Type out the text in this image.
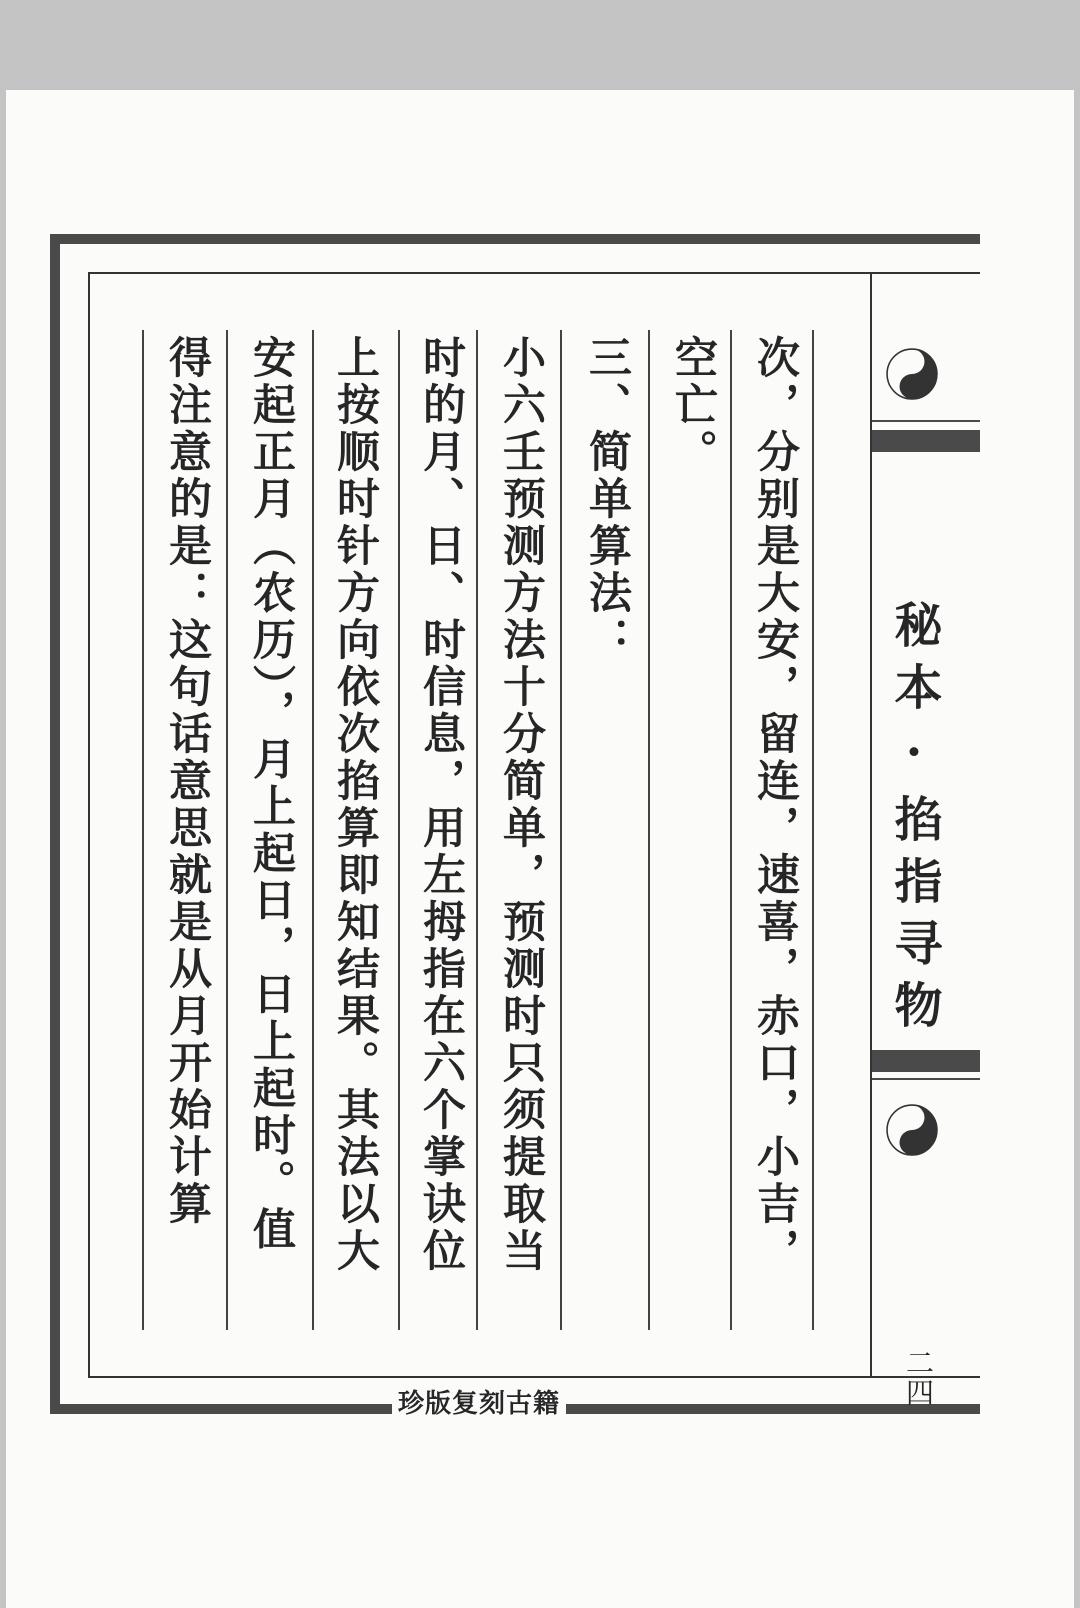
次，分别是大安，留连，速喜，赤口，小吉，
空亡。
三、简单算法：
小六壬预测方法十分简单，预测时只须提取当
时的月、日、时信息，用左拇指在六个掌诀位
上按顺时针方向依次掐算即知结果。其法以大
安起正月（农历），月上起日，日上起时。值
得注意的是：这句话意思就是从月开始计算	秘本·掐指寻物
二四
珍版复刻古籍
